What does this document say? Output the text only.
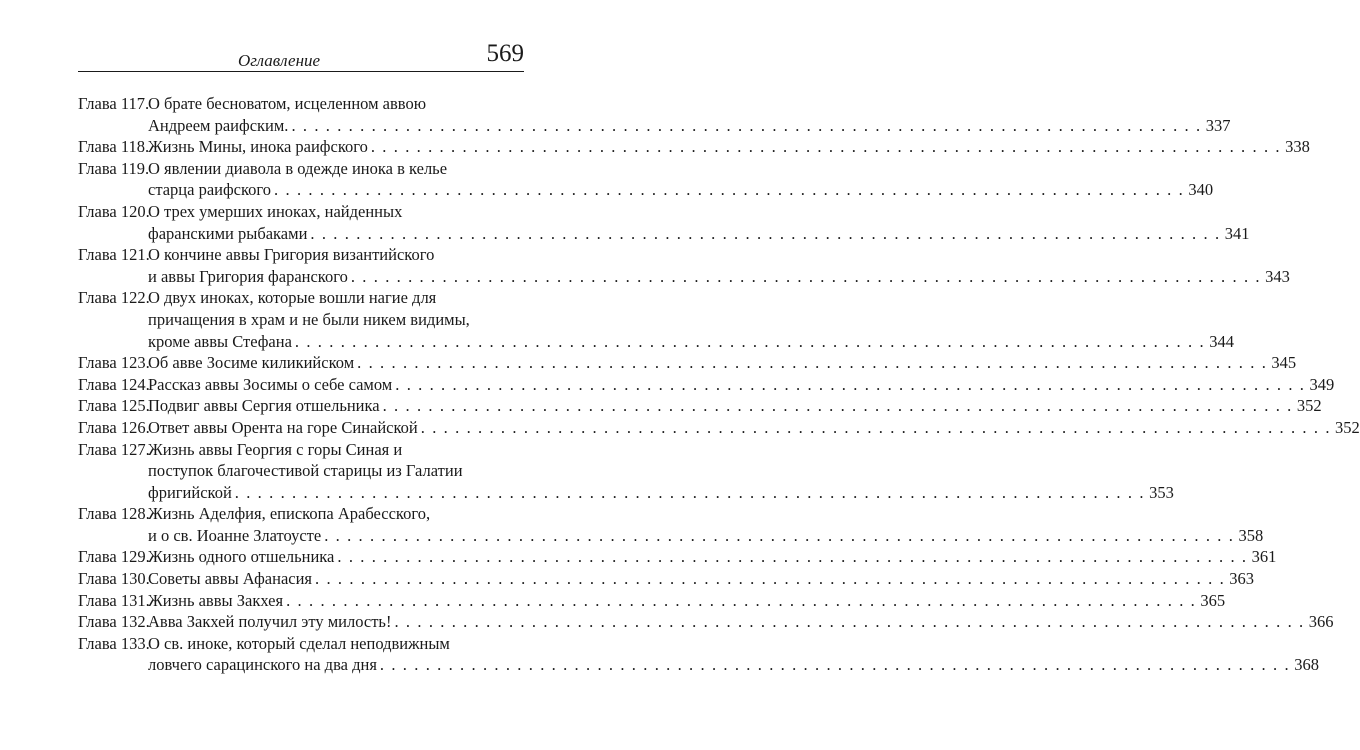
Оглавление	569
Глава 117.
О брате бесноватом, исцеленном аввою
Андреем раифским. . . . . . . . . . . . . . . . . . . . . . . . . . . . . . . . . . . . . . . . . . . . . . . . . . . . . . . . . . . . . . . . . . . . . . . . . . . . . . . . . 337
Глава 118.
Жизнь Мины, инока раифского . . . . . . . . . . . . . . . . . . . . . . . . . . . . . . . . . . . . . . . . . . . . . . . . . . . . . . . . . . . . . . . . . . . . . . . . . . . . . . . . 338
Глава 119.
О явлении диавола в одежде инока в келье
старца раифского . . . . . . . . . . . . . . . . . . . . . . . . . . . . . . . . . . . . . . . . . . . . . . . . . . . . . . . . . . . . . . . . . . . . . . . . . . . . . . . . 340
Глава 120.
О трех умерших иноках, найденных
фаранскими рыбаками . . . . . . . . . . . . . . . . . . . . . . . . . . . . . . . . . . . . . . . . . . . . . . . . . . . . . . . . . . . . . . . . . . . . . . . . . . . . . . . . 341
Глава 121.
О кончине аввы Григория византийского
и аввы Григория фаранского . . . . . . . . . . . . . . . . . . . . . . . . . . . . . . . . . . . . . . . . . . . . . . . . . . . . . . . . . . . . . . . . . . . . . . . . . . . . . . . . 343
Глава 122.
О двух иноках, которые вошли нагие для
причащения в храм и не были никем видимы,
кроме аввы Стефана . . . . . . . . . . . . . . . . . . . . . . . . . . . . . . . . . . . . . . . . . . . . . . . . . . . . . . . . . . . . . . . . . . . . . . . . . . . . . . . . 344
Глава 123.
Об авве Зосиме киликийском . . . . . . . . . . . . . . . . . . . . . . . . . . . . . . . . . . . . . . . . . . . . . . . . . . . . . . . . . . . . . . . . . . . . . . . . . . . . . . . . 345
Глава 124.
Рассказ аввы Зосимы о себе самом . . . . . . . . . . . . . . . . . . . . . . . . . . . . . . . . . . . . . . . . . . . . . . . . . . . . . . . . . . . . . . . . . . . . . . . . . . . . . . . . 349
Глава 125.
Подвиг аввы Сергия отшельника . . . . . . . . . . . . . . . . . . . . . . . . . . . . . . . . . . . . . . . . . . . . . . . . . . . . . . . . . . . . . . . . . . . . . . . . . . . . . . . . 352
Глава 126.
Ответ аввы Орента на горе Синайской . . . . . . . . . . . . . . . . . . . . . . . . . . . . . . . . . . . . . . . . . . . . . . . . . . . . . . . . . . . . . . . . . . . . . . . . . . . . . . . . 352
Глава 127.
Жизнь аввы Георгия с горы Синая и
поступок благочестивой старицы из Галатии
фригийской . . . . . . . . . . . . . . . . . . . . . . . . . . . . . . . . . . . . . . . . . . . . . . . . . . . . . . . . . . . . . . . . . . . . . . . . . . . . . . . . 353
Глава 128.
Жизнь Аделфия, епископа Арабесского,
и о св. Иоанне Златоусте . . . . . . . . . . . . . . . . . . . . . . . . . . . . . . . . . . . . . . . . . . . . . . . . . . . . . . . . . . . . . . . . . . . . . . . . . . . . . . . . 358
Глава 129.
Жизнь одного отшельника . . . . . . . . . . . . . . . . . . . . . . . . . . . . . . . . . . . . . . . . . . . . . . . . . . . . . . . . . . . . . . . . . . . . . . . . . . . . . . . . 361
Глава 130.
Советы аввы Афанасия . . . . . . . . . . . . . . . . . . . . . . . . . . . . . . . . . . . . . . . . . . . . . . . . . . . . . . . . . . . . . . . . . . . . . . . . . . . . . . . . 363
Глава 131.
Жизнь аввы Закхея . . . . . . . . . . . . . . . . . . . . . . . . . . . . . . . . . . . . . . . . . . . . . . . . . . . . . . . . . . . . . . . . . . . . . . . . . . . . . . . . 365
Глава 132.
Авва Закхей получил эту милость! . . . . . . . . . . . . . . . . . . . . . . . . . . . . . . . . . . . . . . . . . . . . . . . . . . . . . . . . . . . . . . . . . . . . . . . . . . . . . . . . 366
Глава 133.
О св. иноке, который сделал неподвижным
ловчего сарацинского на два дня . . . . . . . . . . . . . . . . . . . . . . . . . . . . . . . . . . . . . . . . . . . . . . . . . . . . . . . . . . . . . . . . . . . . . . . . . . . . . . . . 368
